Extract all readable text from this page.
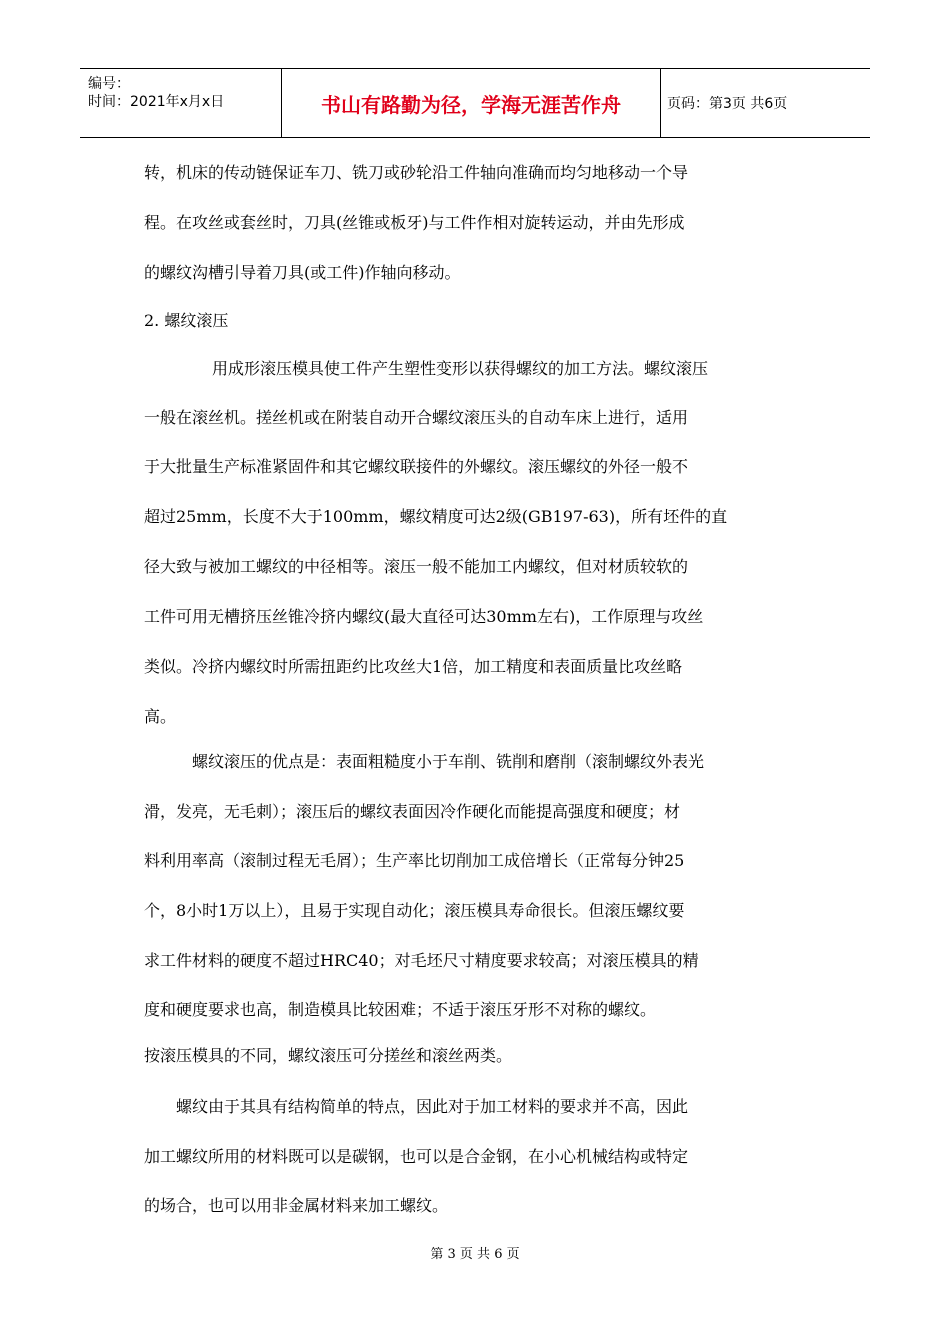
编号：
时间：2021年x月x日	书山有路勤为径，学海无涯苦作舟	页码：第3页 共6页
转，机床的传动链保证车刀、铣刀或砂轮沿工件轴向准确而均匀地移动一个导
程。在攻丝或套丝时，刀具(丝锥或板牙)与工件作相对旋转运动，并由先形成
的螺纹沟槽引导着刀具(或工件)作轴向移动。
2. 螺纹滚压
用成形滚压模具使工件产生塑性变形以获得螺纹的加工方法。螺纹滚压
一般在滚丝机。搓丝机或在附装自动开合螺纹滚压头的自动车床上进行，适用
于大批量生产标准紧固件和其它螺纹联接件的外螺纹。滚压螺纹的外径一般不
超过25mm，长度不大于100mm，螺纹精度可达2级(GB197-63)，所有坯件的直
径大致与被加工螺纹的中径相等。滚压一般不能加工内螺纹，但对材质较软的
工件可用无槽挤压丝锥冷挤内螺纹(最大直径可达30mm左右)，工作原理与攻丝
类似。冷挤内螺纹时所需扭距约比攻丝大1倍，加工精度和表面质量比攻丝略
高。
螺纹滚压的优点是：表面粗糙度小于车削、铣削和磨削（滚制螺纹外表光
滑，发亮，无毛刺）；滚压后的螺纹表面因冷作硬化而能提高强度和硬度；材
料利用率高（滚制过程无毛屑）；生产率比切削加工成倍增长（正常每分钟25
个，8小时1万以上），且易于实现自动化；滚压模具寿命很长。但滚压螺纹要
求工件材料的硬度不超过HRC40；对毛坯尺寸精度要求较高；对滚压模具的精
度和硬度要求也高，制造模具比较困难；不适于滚压牙形不对称的螺纹。
按滚压模具的不同，螺纹滚压可分搓丝和滚丝两类。
螺纹由于其具有结构简单的特点，因此对于加工材料的要求并不高，因此
加工螺纹所用的材料既可以是碳钢，也可以是合金钢，在小心机械结构或特定
的场合，也可以用非金属材料来加工螺纹。
第 3 页 共 6 页
